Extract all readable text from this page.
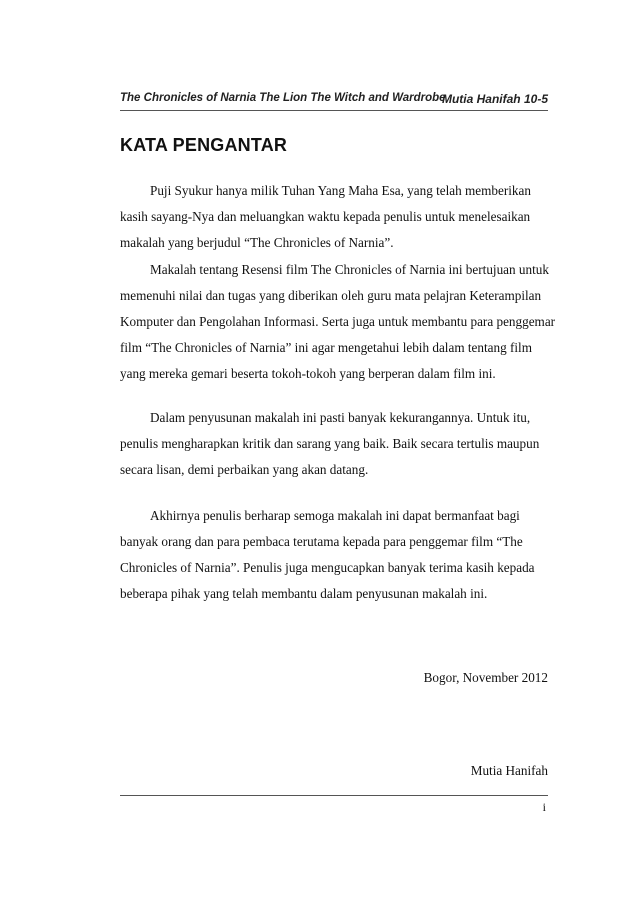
The Chronicles of Narnia The Lion The Witch and Wardrobe
Mutia Hanifah 10-5
KATA PENGANTAR

Puji Syukur hanya milik Tuhan Yang Maha Esa, yang telah memberikan

kasih sayang-Nya dan meluangkan waktu kepada penulis untuk menelesaikan

makalah yang berjudul “The Chronicles of Narnia”.

Makalah tentang Resensi film The Chronicles of Narnia ini bertujuan untuk

memenuhi nilai dan tugas yang diberikan oleh guru mata pelajran Keterampilan

Komputer dan Pengolahan Informasi. Serta juga untuk membantu para penggemar

film “The Chronicles of Narnia” ini agar mengetahui lebih dalam tentang film

yang mereka gemari beserta tokoh-tokoh yang berperan dalam film ini.

Dalam penyusunan makalah ini pasti banyak kekurangannya. Untuk itu,

penulis mengharapkan kritik dan sarang yang baik. Baik secara tertulis maupun

secara lisan, demi perbaikan yang akan datang.

Akhirnya penulis berharap semoga makalah ini dapat bermanfaat bagi

banyak orang dan para pembaca terutama kepada para penggemar film “The

Chronicles of Narnia”. Penulis juga mengucapkan banyak terima kasih kepada

beberapa pihak yang telah membantu dalam penyusunan makalah ini.

Bogor, November 2012
Mutia Hanifah
i
